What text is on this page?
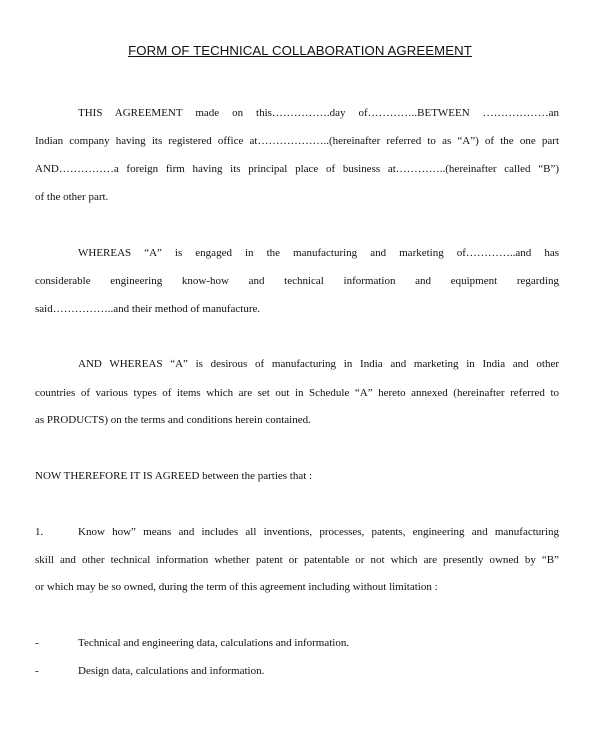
FORM OF TECHNICAL COLLABORATION AGREEMENT
THIS AGREEMENT made on this…………….day of…………..BETWEEN ………………an
Indian company having its registered office at………………..(hereinafter referred to as “A”) of the one part
AND……………a foreign firm having its principal place of business at…………..(hereinafter called “B”)
of the other part.
WHEREAS “A” is engaged in the manufacturing and marketing of…………..and has
considerable engineering know-how and technical information and equipment regarding
said……………..and their method of manufacture.
AND WHEREAS “A” is desirous of manufacturing in India and marketing in India and other
countries of various types of items which are set out in Schedule “A” hereto annexed (hereinafter referred to
as PRODUCTS) on the terms and conditions herein contained.
NOW THEREFORE IT IS AGREED between the parties that :
1.	Know how” means and includes all inventions, processes, patents, engineering and manufacturing
skill and other technical information whether patent or patentable or not which are presently owned by “B”
or which may be so owned, during the term of this agreement including without limitation :
-	Technical and engineering data, calculations and information.
-	Design data, calculations and information.
